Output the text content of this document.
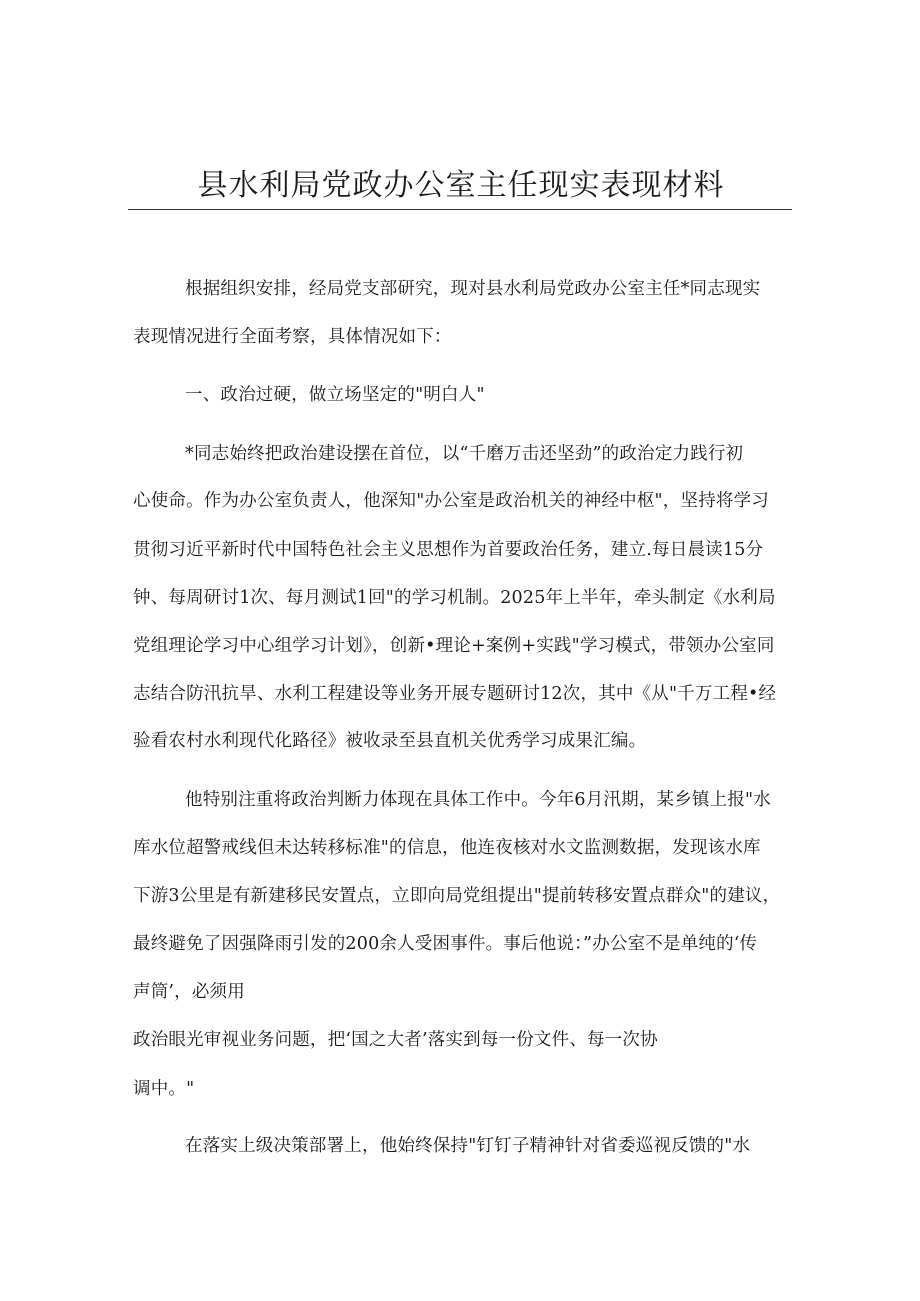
县水利局党政办公室主任现实表现材料
根据组织安排，经局党支部研究，现对县水利局党政办公室主任*同志现实
表现情况进行全面考察，具体情况如下：
一、政治过硬，做立场坚定的"明白人"
*同志始终把政治建设摆在首位，以“千磨万击还坚劲”的政治定力践行初
心使命。作为办公室负责人，他深知"办公室是政治机关的神经中枢"，坚持将学习
贯彻习近平新时代中国特色社会主义思想作为首要政治任务，建立.每日晨读15分
钟、每周研讨1次、每月测试1回"的学习机制。2025年上半年，牵头制定《水利局
党组理论学习中心组学习计划》，创新•理论+案例+实践"学习模式，带领办公室同
志结合防汛抗旱、水利工程建设等业务开展专题研讨12次，其中《从"千万工程•经
验看农村水利现代化路径》被收录至县直机关优秀学习成果汇编。
他特别注重将政治判断力体现在具体工作中。今年6月汛期，某乡镇上报"水
库水位超警戒线但未达转移标准"的信息，他连夜核对水文监测数据，发现该水库
下游3公里是有新建移民安置点，立即向局党组提出"提前转移安置点群众"的建议，
最终避免了因强降雨引发的200余人受困事件。事后他说：”办公室不是单纯的‘传
声筒’，必须用
政治眼光审视业务问题，把‘国之大者’落实到每一份文件、每一次协
调中。"
在落实上级决策部署上，他始终保持"钉钉子精神针对省委巡视反馈的"水
